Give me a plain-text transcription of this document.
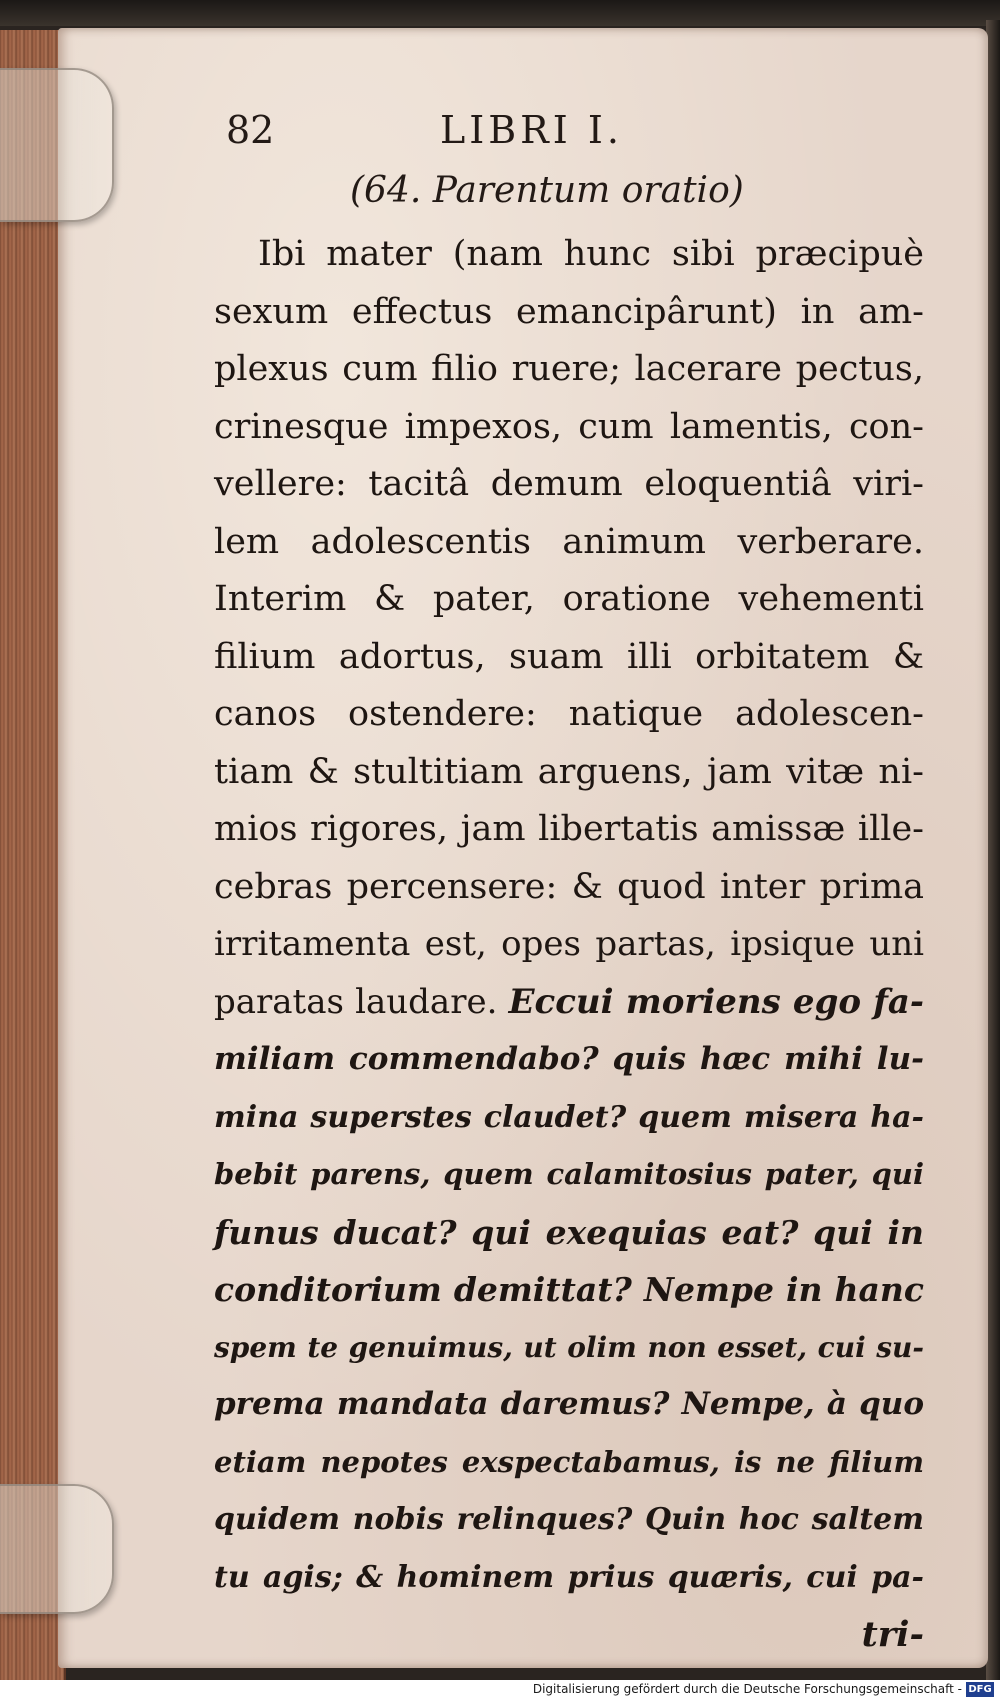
82	LIBRI I.
(64. Parentum oratio)
Ibi mater (nam hunc sibi præcipuè
sexum effectus emancipârunt) in am-
plexus cum filio ruere; lacerare pectus,
crinesque impexos, cum lamentis, con-
vellere: tacitâ demum eloquentiâ viri-
lem adolescentis animum verberare.
Interim & pater, oratione vehementi
filium adortus, suam illi orbitatem &
canos ostendere: natique adolescen-
tiam & stultitiam arguens, jam vitæ ni-
mios rigores, jam libertatis amissæ ille-
cebras percensere: & quod inter prima
irritamenta est, opes partas, ipsique uni
paratas laudare. Eccui moriens ego fa-
miliam commendabo? quis hæc mihi lu-
mina superstes claudet? quem misera ha-
bebit parens, quem calamitosius pater, qui
funus ducat? qui exequias eat? qui in
conditorium demittat? Nempe in hanc
spem te genuimus, ut olim non esset, cui su-
prema mandata daremus? Nempe, à quo
etiam nepotes exspectabamus, is ne filium
quidem nobis relinques? Quin hoc saltem
tu agis; & hominem prius quæris, cui pa-
tri-
Digitalisierung gefördert durch die Deutsche Forschungsgemeinschaft - DFG
